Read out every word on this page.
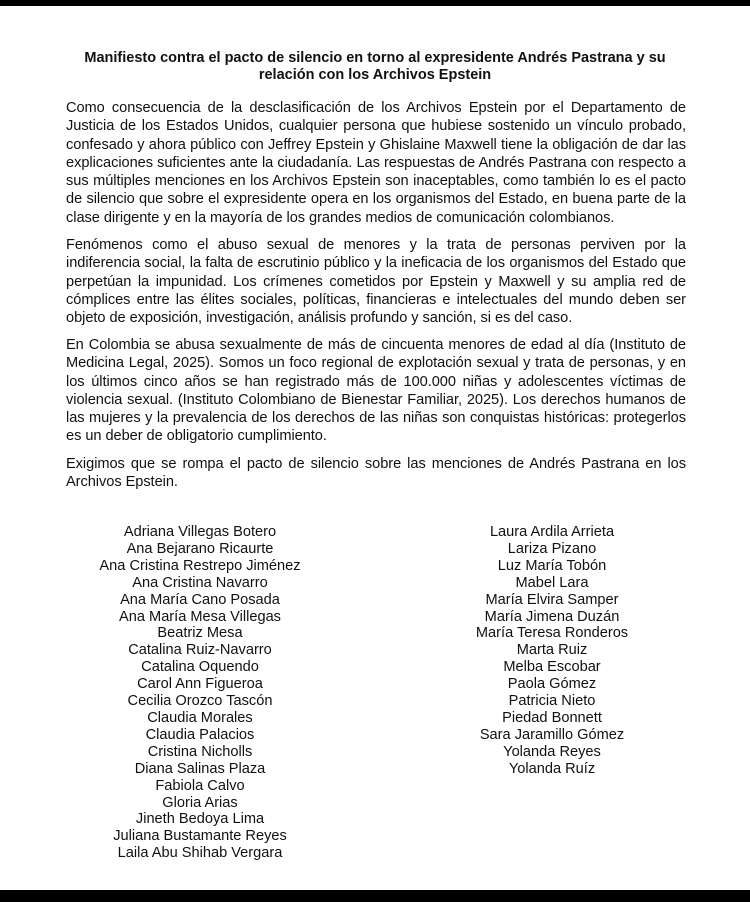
Manifiesto contra el pacto de silencio en torno al expresidente Andrés Pastrana y su relación con los Archivos Epstein

Como consecuencia de la desclasificación de los Archivos Epstein por el Departamento de Justicia de los Estados Unidos, cualquier persona que hubiese sostenido un vínculo probado, confesado y ahora público con Jeffrey Epstein y Ghislaine Maxwell tiene la obligación de dar las explicaciones suficientes ante la ciudadanía. Las respuestas de Andrés Pastrana con respecto a sus múltiples menciones en los Archivos Epstein son inaceptables, como también lo es el pacto de silencio que sobre el expresidente opera en los organismos del Estado, en buena parte de la clase dirigente y en la mayoría de los grandes medios de comunicación colombianos.

Fenómenos como el abuso sexual de menores y la trata de personas perviven por la indiferencia social, la falta de escrutinio público y la ineficacia de los organismos del Estado que perpetúan la impunidad. Los crímenes cometidos por Epstein y Maxwell y su amplia red de cómplices entre las élites sociales, políticas, financieras e intelectuales del mundo deben ser objeto de exposición, investigación, análisis profundo y sanción, si es del caso.

En Colombia se abusa sexualmente de más de cincuenta menores de edad al día (Instituto de Medicina Legal, 2025). Somos un foco regional de explotación sexual y trata de personas, y en los últimos cinco años se han registrado más de 100.000 niñas y adolescentes víctimas de violencia sexual. (Instituto Colombiano de Bienestar Familiar, 2025). Los derechos humanos de las mujeres y la prevalencia de los derechos de las niñas son conquistas históricas: protegerlos es un deber de obligatorio cumplimiento.

Exigimos que se rompa el pacto de silencio sobre las menciones de Andrés Pastrana en los Archivos Epstein.

Adriana Villegas Botero
Ana Bejarano Ricaurte
Ana Cristina Restrepo Jiménez
Ana Cristina Navarro
Ana María Cano Posada
Ana María Mesa Villegas
Beatriz Mesa
Catalina Ruiz-Navarro
Catalina Oquendo
Carol Ann Figueroa
Cecilia Orozco Tascón
Claudia Morales
Claudia Palacios
Cristina Nicholls
Diana Salinas Plaza
Fabiola Calvo
Gloria Arias
Jineth Bedoya Lima
Juliana Bustamante Reyes
Laila Abu Shihab Vergara
Laura Ardila Arrieta
Lariza Pizano
Luz María Tobón
Mabel Lara
María Elvira Samper
María Jimena Duzán
María Teresa Ronderos
Marta Ruiz
Melba Escobar
Paola Gómez
Patricia Nieto
Piedad Bonnett
Sara Jaramillo Gómez
Yolanda Reyes
Yolanda Ruíz
